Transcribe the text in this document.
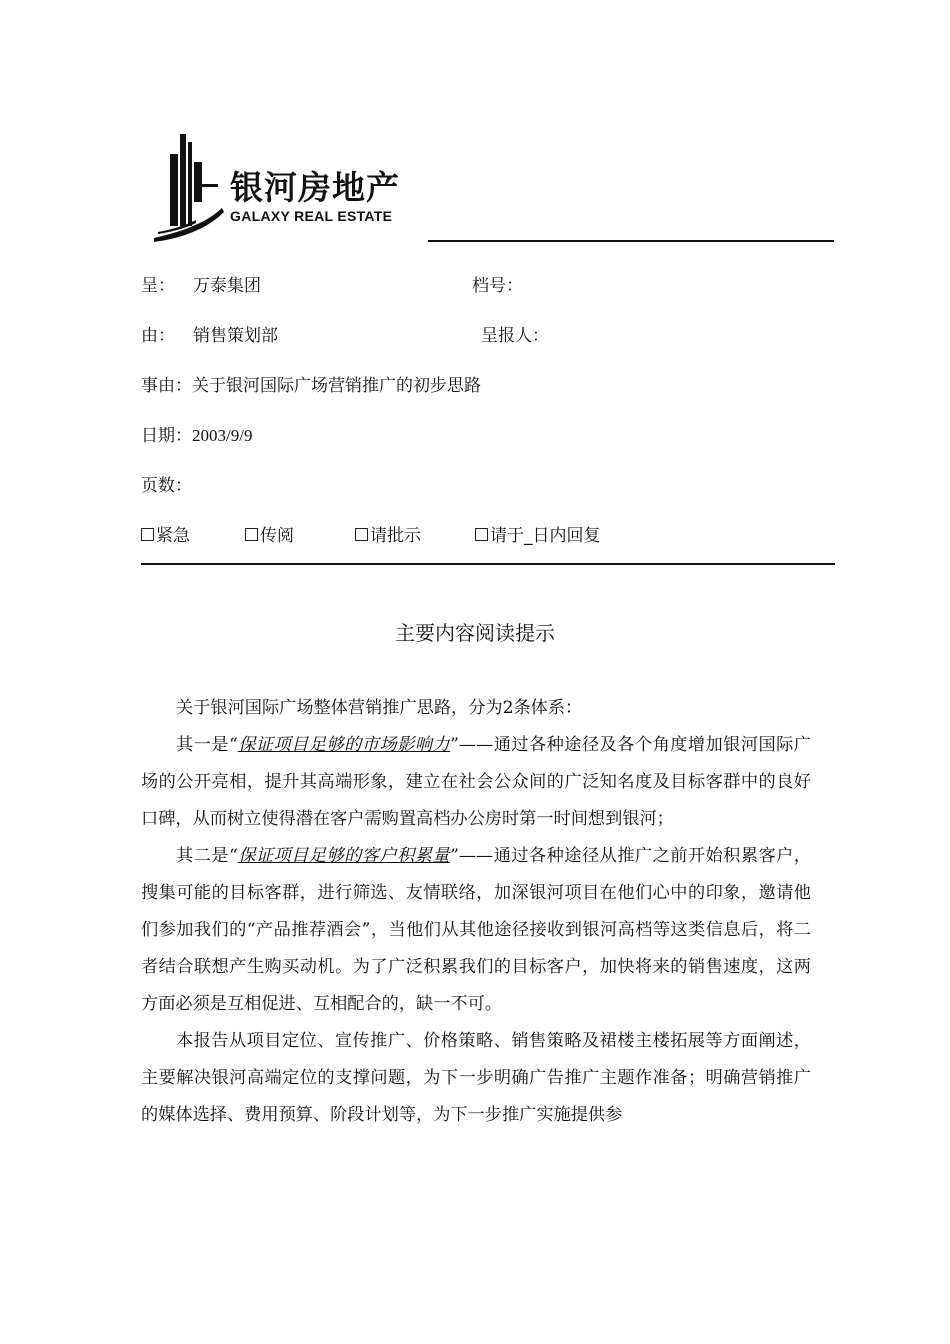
银河房地产
GALAXY REAL ESTATE
呈： 万泰集团	档号：
由： 销售策划部	呈报人：
事由：关于银河国际广场营销推广的初步思路
日期：2003/9/9
页数：
紧急	传阅	请批示	请于_日内回复
主要内容阅读提示

关于银河国际广场整体营销推广思路，分为2条体系：

其一是“保证项目足够的市场影响力”——通过各种途径及各个角度增加银河国际广场的公开亮相，提升其高端形象，建立在社会公众间的广泛知名度及目标客群中的良好口碑，从而树立使得潜在客户需购置高档办公房时第一时间想到银河；

其二是“保证项目足够的客户积累量”——通过各种途径从推广之前开始积累客户，搜集可能的目标客群，进行筛选、友情联络，加深银河项目在他们心中的印象，邀请他们参加我们的“产品推荐酒会”，当他们从其他途径接收到银河高档等这类信息后，将二者结合联想产生购买动机。为了广泛积累我们的目标客户，加快将来的销售速度，这两方面必须是互相促进、互相配合的，缺一不可。

本报告从项目定位、宣传推广、价格策略、销售策略及裙楼主楼拓展等方面阐述，主要解决银河高端定位的支撑问题，为下一步明确广告推广主题作准备；明确营销推广的媒体选择、费用预算、阶段计划等，为下一步推广实施提供参
